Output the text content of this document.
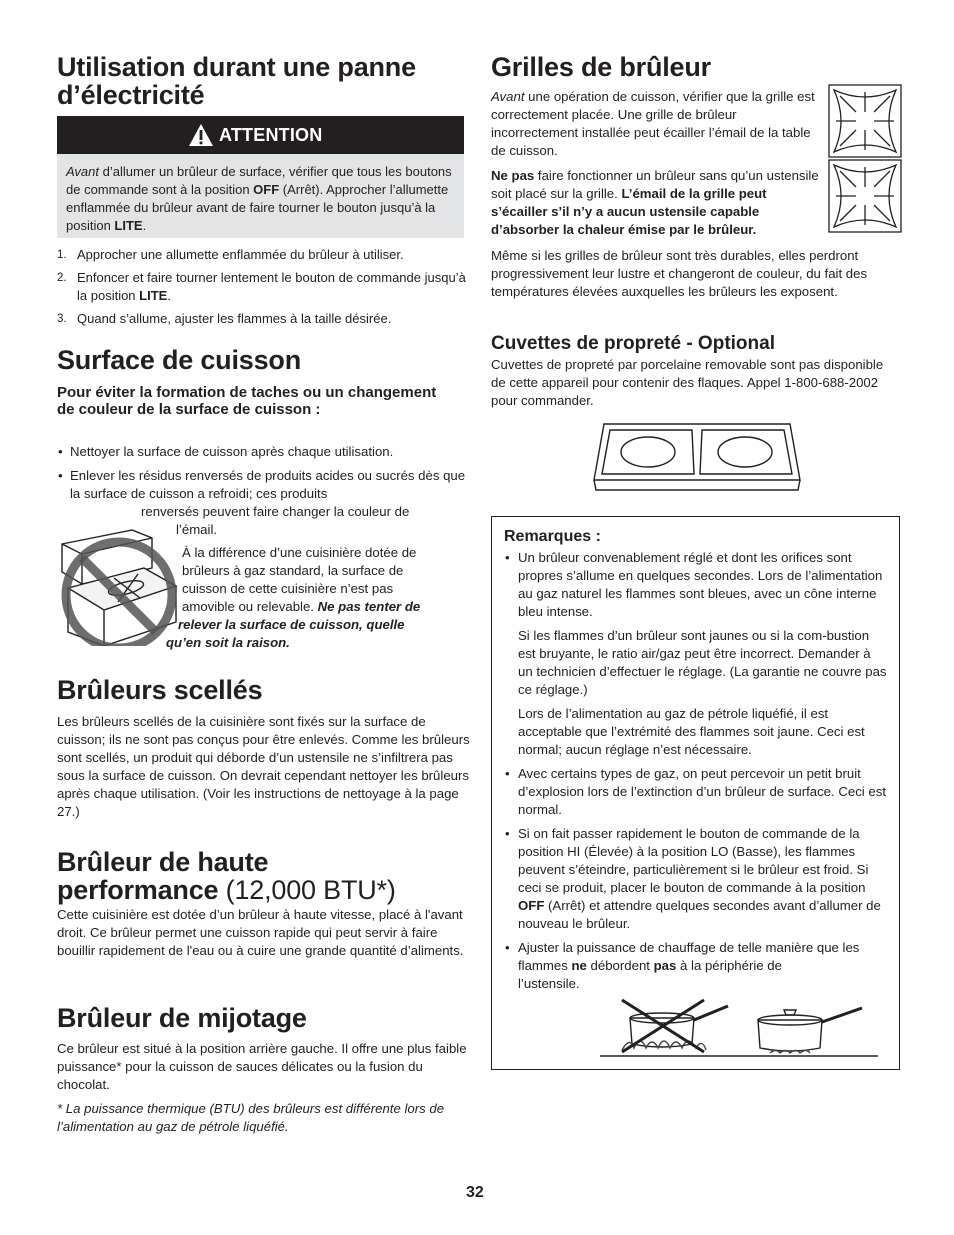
Utilisation durant une panne d’électricité
ATTENTION
Avant d’allumer un brûleur de surface, vérifier que tous les boutons de commande sont à la position OFF (Arrêt). Approcher l’allumette enflammée du brûleur avant de faire tourner le bouton jusqu’à la position LITE.
1. Approcher une allumette enflammée du brûleur à utiliser.
2. Enfoncer et faire tourner lentement le bouton de commande jusqu’à la position LITE.
3. Quand s’allume, ajuster les flammes à la taille désirée.
Surface de cuisson
Pour éviter la formation de taches ou un changement de couleur de la surface de cuisson :
• Nettoyer la surface de cuisson après chaque utilisation.
• Enlever les résidus renversés de produits acides ou sucrés dès que la surface de cuisson a refroidi; ces produits

renversés peuvent faire changer la couleur de

l’émail.

À la différence d’une cuisinière dotée de

brûleurs à gaz standard, la surface de

cuisson de cette cuisinière n’est pas

amovible ou relevable. Ne pas tenter de

relever la surface de cuisson, quelle

qu’en soit la raison.

Brûleurs scellés

Les brûleurs scellés de la cuisinière sont fixés sur la surface de cuisson; ils ne sont pas conçus pour être enlevés. Comme les brûleurs sont scellés, un produit qui déborde d’un ustensile ne s’infiltrera pas sous la surface de cuisson. On devrait cependant nettoyer les brûleurs après chaque utilisation. (Voir les instructions de nettoyage à la page 27.)

Brûleur de haute
performance (12,000 BTU*)

Cette cuisinière est dotée d’un brûleur à haute vitesse, placé à l'avant droit. Ce brûleur permet une cuisson rapide qui peut servir à faire bouillir rapidement de l'eau ou à cuire une grande quantité d’aliments.

Brûleur de mijotage

Ce brûleur est situé à la position arrière gauche. Il offre une plus faible puissance* pour la cuisson de sauces délicates ou la fusion du chocolat.

* La puissance thermique (BTU) des brûleurs est différente lors de l’alimentation au gaz de pétrole liquéfié.

Grilles de brûleur

Avant une opération de cuisson, vérifier que la grille est correctement placée. Une grille de brûleur incorrectement installée peut écailler l’émail de la table de cuisson.

Ne pas faire fonctionner un brûleur sans qu’un ustensile soit placé sur la grille. L’émail de la grille peut s’écailler s’il n’y a aucun ustensile capable d’absorber la chaleur émise par le brûleur.

Même si les grilles de brûleur sont très durables, elles perdront progressivement leur lustre et changeront de couleur, du fait des températures élevées auxquelles les brûleurs les exposent.

Cuvettes de propreté - Optional

Cuvettes de propreté par porcelaine removable sont pas disponible de cette appareil pour contenir des flaques. Appel 1-800-688-2002 pour commander.

Remarques :
• Un brûleur convenablement réglé et dont les orifices sont propres s’allume en quelques secondes. Lors de l’alimentation au gaz naturel les flammes sont bleues, avec un cône interne bleu intense.

Si les flammes d’un brûleur sont jaunes ou si la com-bustion est bruyante, le ratio air/gaz peut être incorrect. Demander à un technicien d’effectuer le réglage. (La garantie ne couvre pas ce réglage.)

Lors de l’alimentation au gaz de pétrole liquéfié, il est acceptable que l’extrémité des flammes soit jaune. Ceci est normal; aucun réglage n’est nécessaire.

• Avec certains types de gaz, on peut percevoir un petit bruit d’explosion lors de l’extinction d’un brûleur de surface. Ceci est normal.
• Si on fait passer rapidement le bouton de commande de la position HI (Élevée) à la position LO (Basse), les flammes peuvent s’éteindre, particulièrement si le brûleur est froid. Si ceci se produit, placer le bouton de commande à la position OFF (Arrêt) et attendre quelques secondes avant d’allumer de nouveau le brûleur.
• Ajuster la puissance de chauffage de telle manière que les flammes ne débordent pas à la périphérie de
l’ustensile.
32
